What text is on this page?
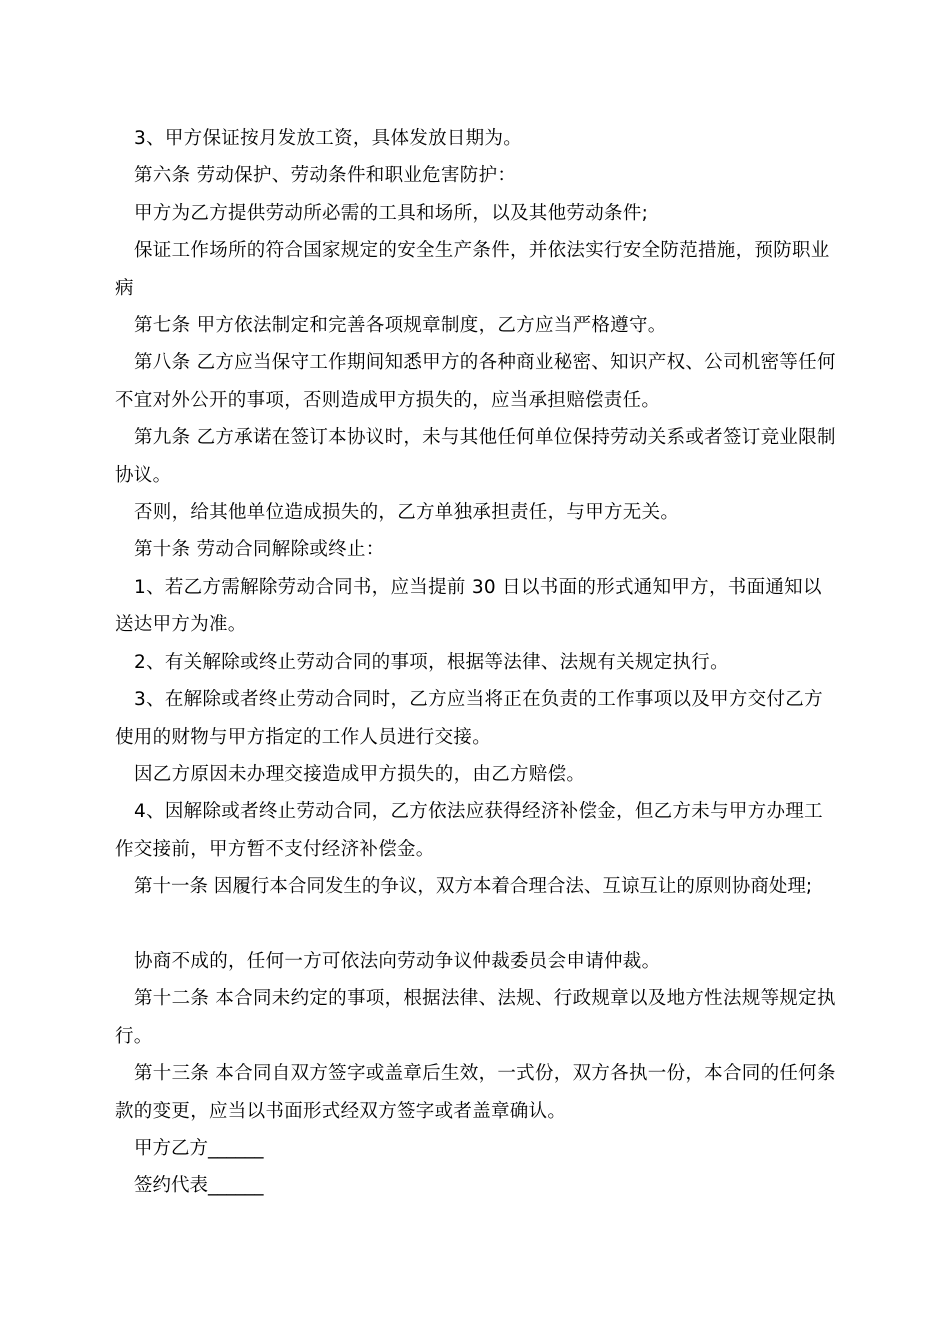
3、甲方保证按月发放工资，具体发放日期为。

第六条 劳动保护、劳动条件和职业危害防护：

甲方为乙方提供劳动所必需的工具和场所，以及其他劳动条件;

保证工作场所的符合国家规定的安全生产条件，并依法实行安全防范措施，预防职业病

第七条 甲方依法制定和完善各项规章制度，乙方应当严格遵守。

第八条 乙方应当保守工作期间知悉甲方的各种商业秘密、知识产权、公司机密等任何不宜对外公开的事项，否则造成甲方损失的，应当承担赔偿责任。

第九条 乙方承诺在签订本协议时，未与其他任何单位保持劳动关系或者签订竞业限制协议。

否则，给其他单位造成损失的，乙方单独承担责任，与甲方无关。

第十条 劳动合同解除或终止：

1、若乙方需解除劳动合同书，应当提前 30 日以书面的形式通知甲方，书面通知以送达甲方为准。

2、有关解除或终止劳动合同的事项，根据等法律、法规有关规定执行。

3、在解除或者终止劳动合同时，乙方应当将正在负责的工作事项以及甲方交付乙方使用的财物与甲方指定的工作人员进行交接。

因乙方原因未办理交接造成甲方损失的，由乙方赔偿。

4、因解除或者终止劳动合同，乙方依法应获得经济补偿金，但乙方未与甲方办理工作交接前，甲方暂不支付经济补偿金。

第十一条 因履行本合同发生的争议，双方本着合理合法、互谅互让的原则协商处理;

协商不成的，任何一方可依法向劳动争议仲裁委员会申请仲裁。

第十二条 本合同未约定的事项，根据法律、法规、行政规章以及地方性法规等规定执行。

第十三条 本合同自双方签字或盖章后生效，一式份，双方各执一份，本合同的任何条款的变更，应当以书面形式经双方签字或者盖章确认。

甲方乙方______

签约代表______
